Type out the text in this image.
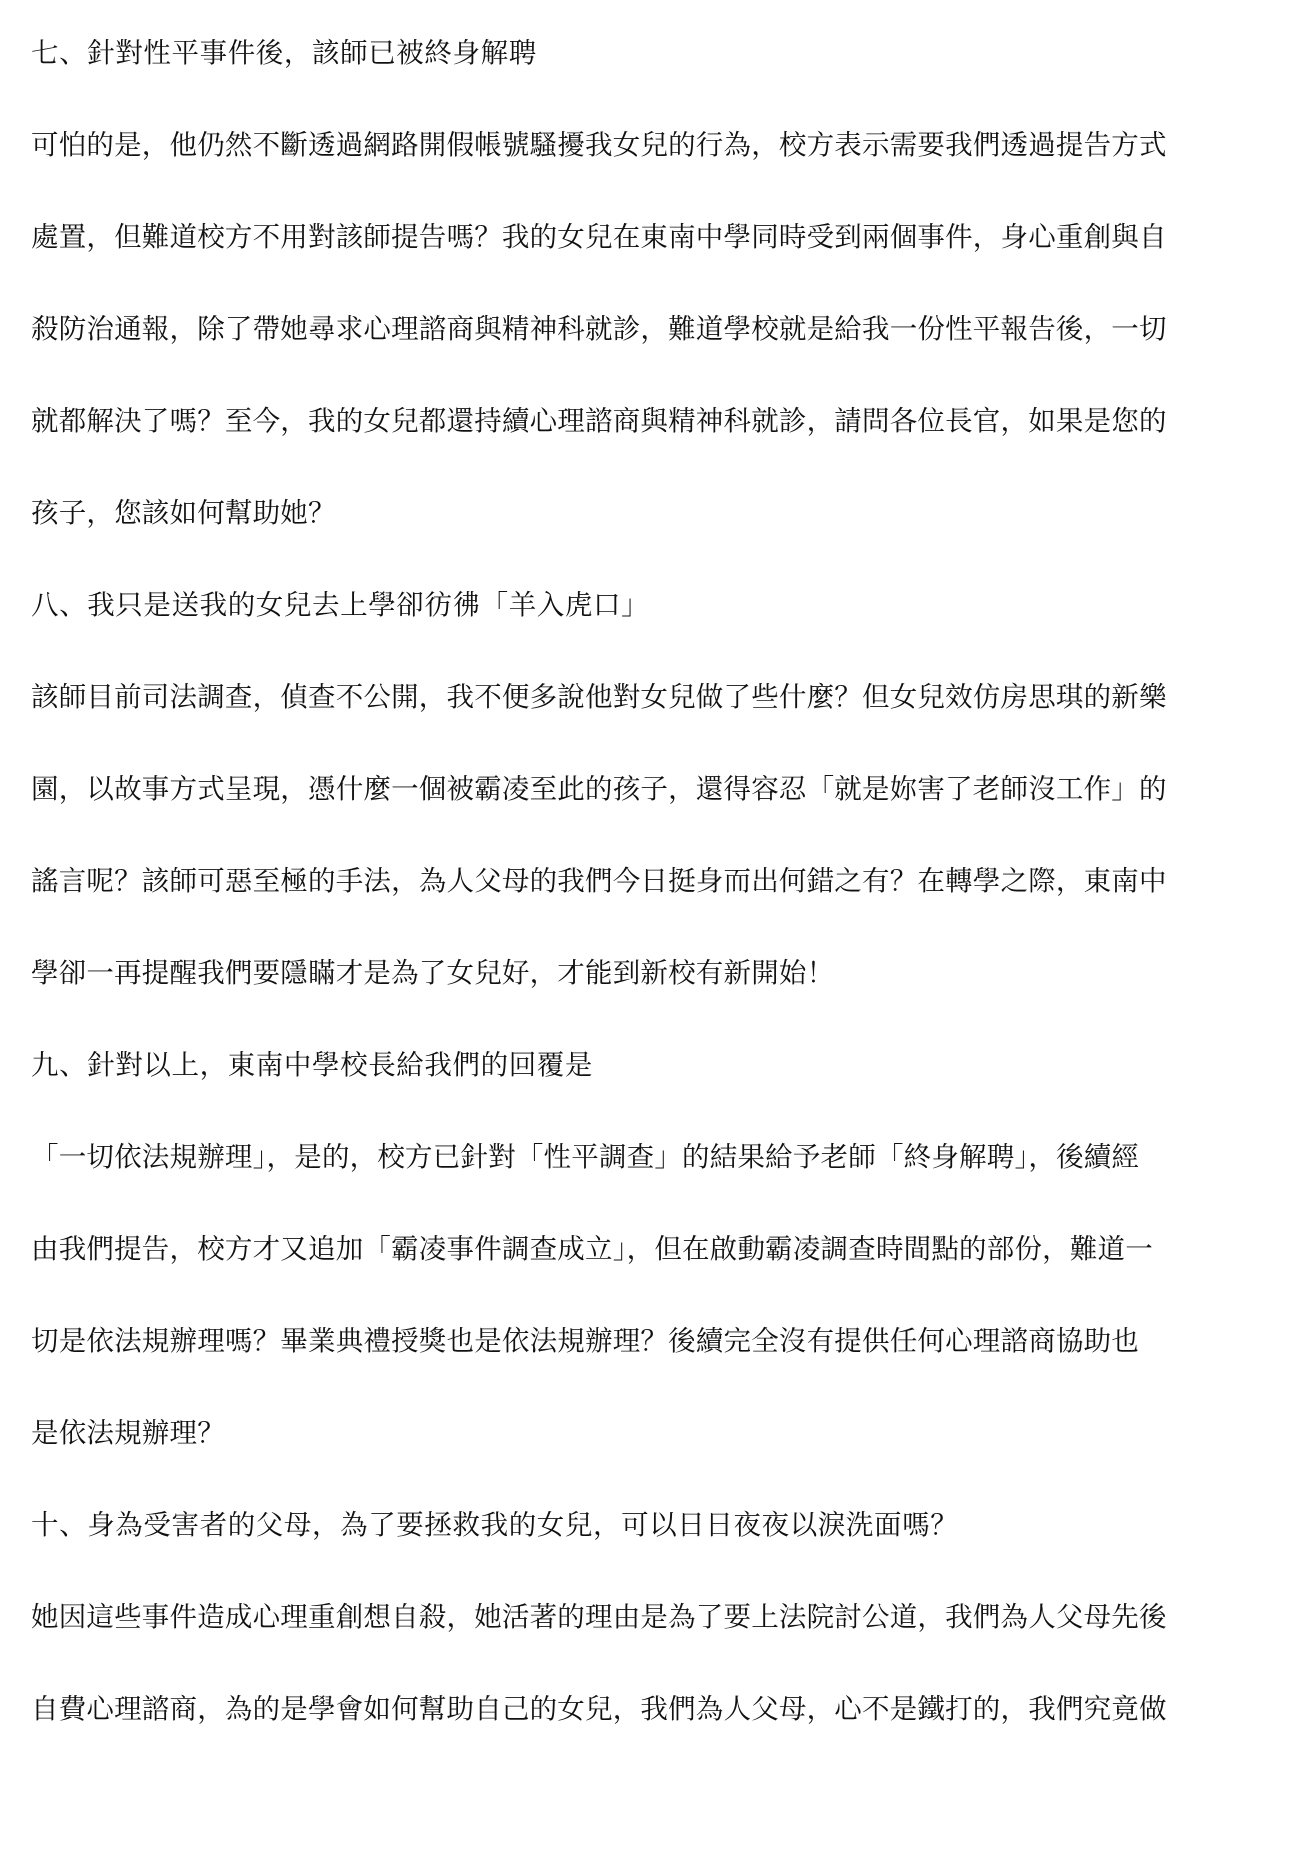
七、針對性平事件後，該師已被終身解聘
可怕的是，他仍然不斷透過網路開假帳號騷擾我女兒的行為，校方表示需要我們透過提告方式
處置，但難道校方不用對該師提告嗎？我的女兒在東南中學同時受到兩個事件，身心重創與自
殺防治通報，除了帶她尋求心理諮商與精神科就診，難道學校就是給我一份性平報告後，一切
就都解決了嗎？至今，我的女兒都還持續心理諮商與精神科就診，請問各位長官，如果是您的
孩子，您該如何幫助她？
八、我只是送我的女兒去上學卻彷彿「羊入虎口」
該師目前司法調查，偵查不公開，我不便多說他對女兒做了些什麼？但女兒效仿房思琪的新樂
園，以故事方式呈現，憑什麼一個被霸凌至此的孩子，還得容忍「就是妳害了老師沒工作」的
謠言呢？該師可惡至極的手法，為人父母的我們今日挺身而出何錯之有？在轉學之際，東南中
學卻一再提醒我們要隱瞞才是為了女兒好，才能到新校有新開始！
九、針對以上，東南中學校長給我們的回覆是
「一切依法規辦理」，是的，校方已針對「性平調查」的結果給予老師「終身解聘」，後續經
由我們提告，校方才又追加「霸凌事件調查成立」，但在啟動霸凌調查時間點的部份，難道一
切是依法規辦理嗎？畢業典禮授獎也是依法規辦理？後續完全沒有提供任何心理諮商協助也
是依法規辦理？
十、身為受害者的父母，為了要拯救我的女兒，可以日日夜夜以淚洗面嗎？
她因這些事件造成心理重創想自殺，她活著的理由是為了要上法院討公道，我們為人父母先後
自費心理諮商，為的是學會如何幫助自己的女兒，我們為人父母，心不是鐵打的，我們究竟做
